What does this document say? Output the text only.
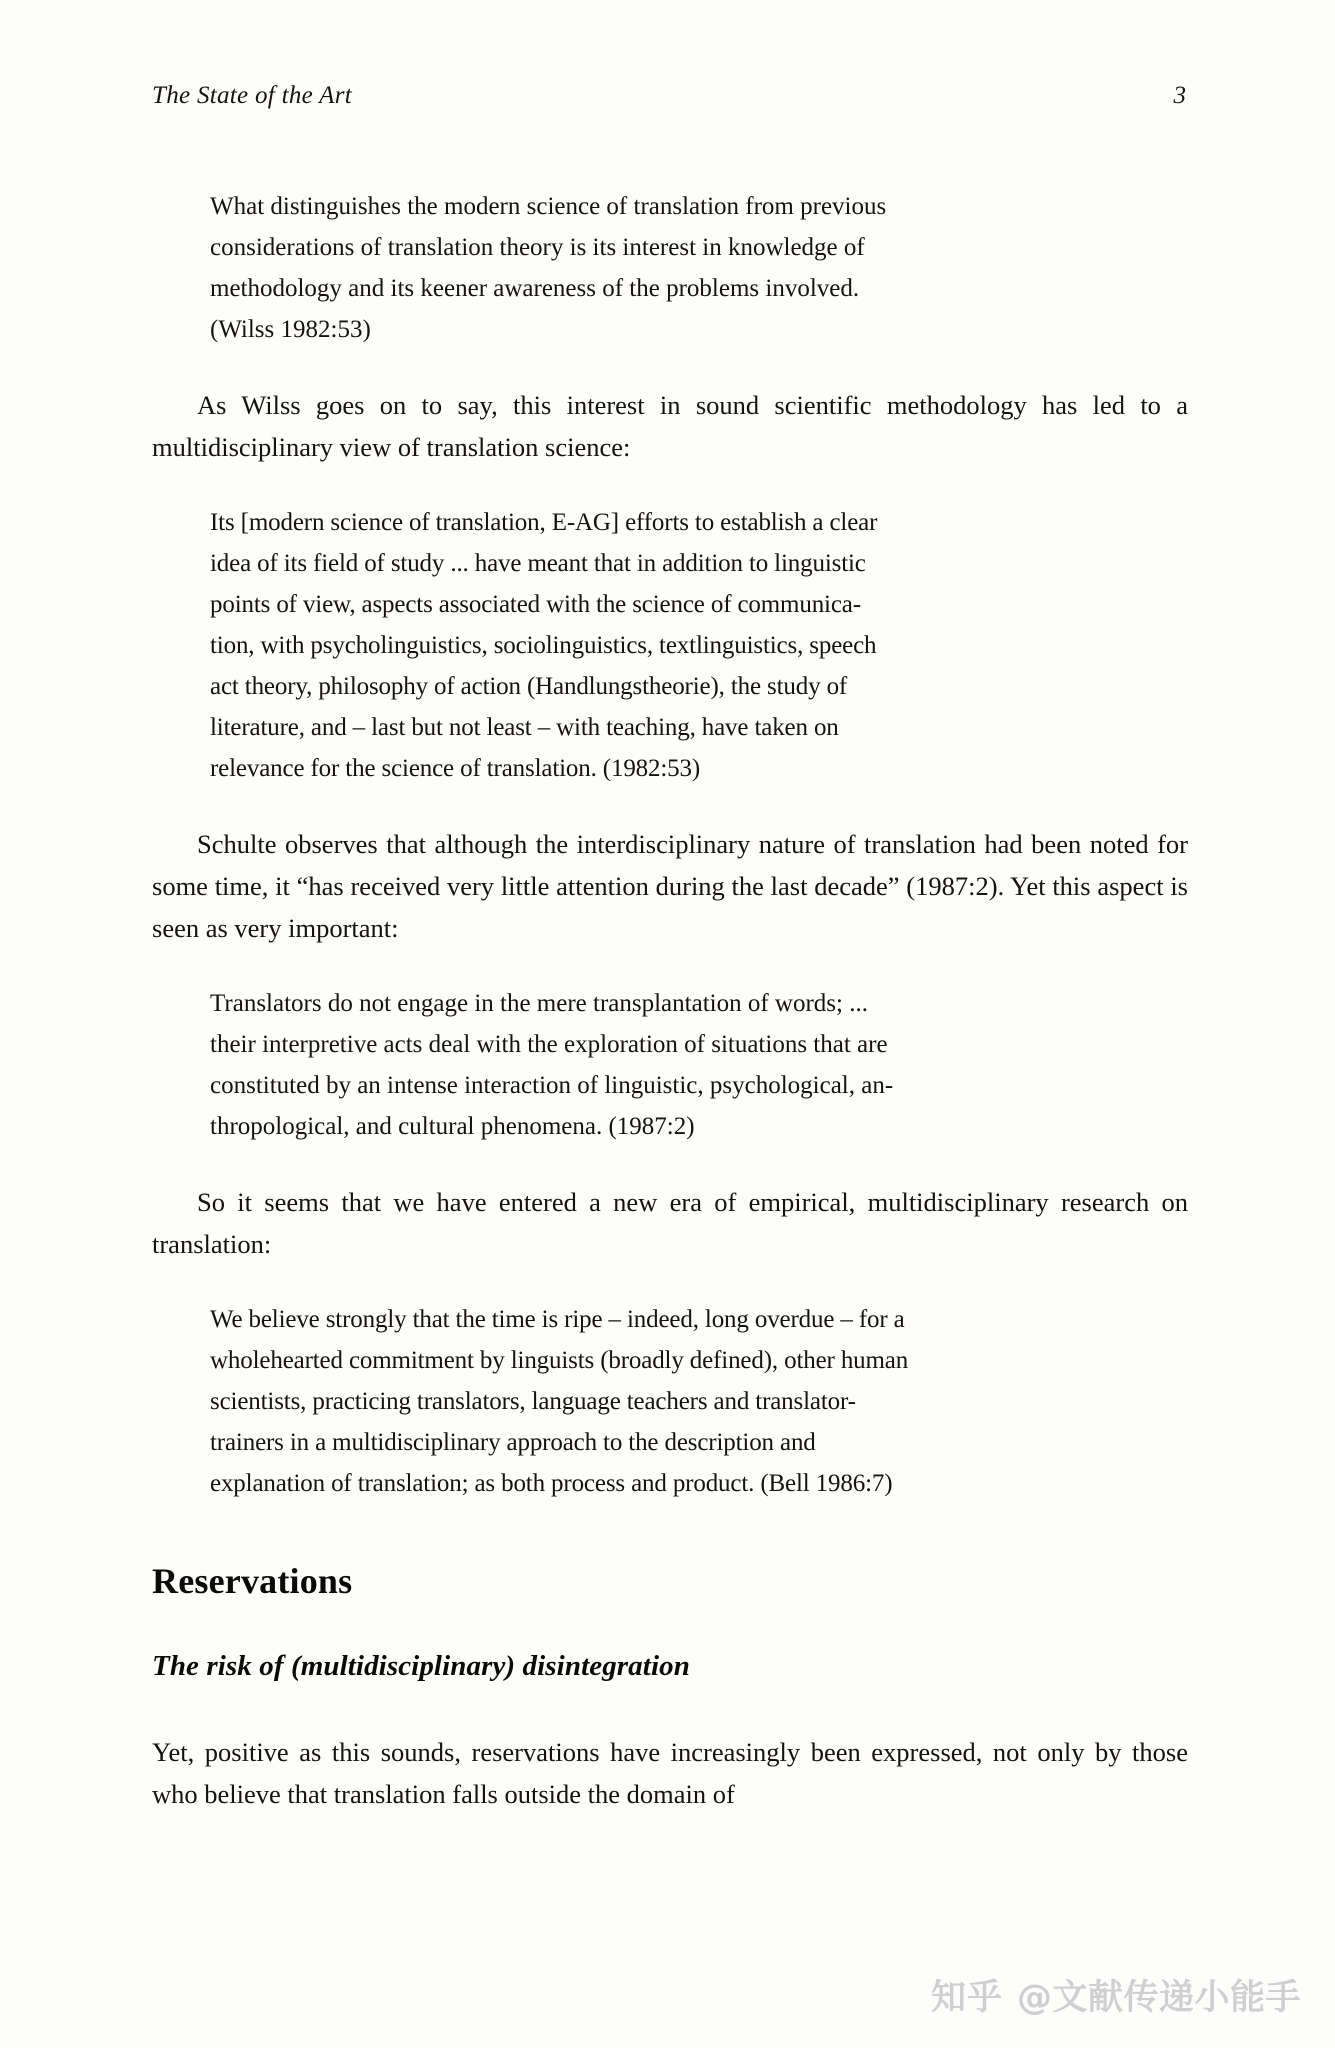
The State of the Art	3
What distinguishes the modern science of translation from previous
considerations of translation theory is its interest in knowledge of
methodology and its keener awareness of the problems involved.
(Wilss 1982:53)

As Wilss goes on to say, this interest in sound scientific methodology has led to a multidisciplinary view of translation science:

Its [modern science of translation, E-AG] efforts to establish a clear
idea of its field of study ... have meant that in addition to linguistic
points of view, aspects associated with the science of communica-
tion, with psycholinguistics, sociolinguistics, textlinguistics, speech
act theory, philosophy of action (Handlungstheorie), the study of
literature, and – last but not least – with teaching, have taken on
relevance for the science of translation. (1982:53)

Schulte observes that although the interdisciplinary nature of translation had been noted for some time, it “has received very little attention during the last decade” (1987:2). Yet this aspect is seen as very important:

Translators do not engage in the mere transplantation of words; ...
their interpretive acts deal with the exploration of situations that are
constituted by an intense interaction of linguistic, psychological, an-
thropological, and cultural phenomena. (1987:2)

So it seems that we have entered a new era of empirical, multidisciplinary research on translation:

We believe strongly that the time is ripe – indeed, long overdue – for a
wholehearted commitment by linguists (broadly defined), other human
scientists, practicing translators, language teachers and translator-
trainers in a multidisciplinary approach to the description and
explanation of translation; as both process and product. (Bell 1986:7)
Reservations
The risk of (multidisciplinary) disintegration

Yet, positive as this sounds, reservations have increasingly been expressed, not only by those who believe that translation falls outside the domain of

知乎 @文献传递小能手
